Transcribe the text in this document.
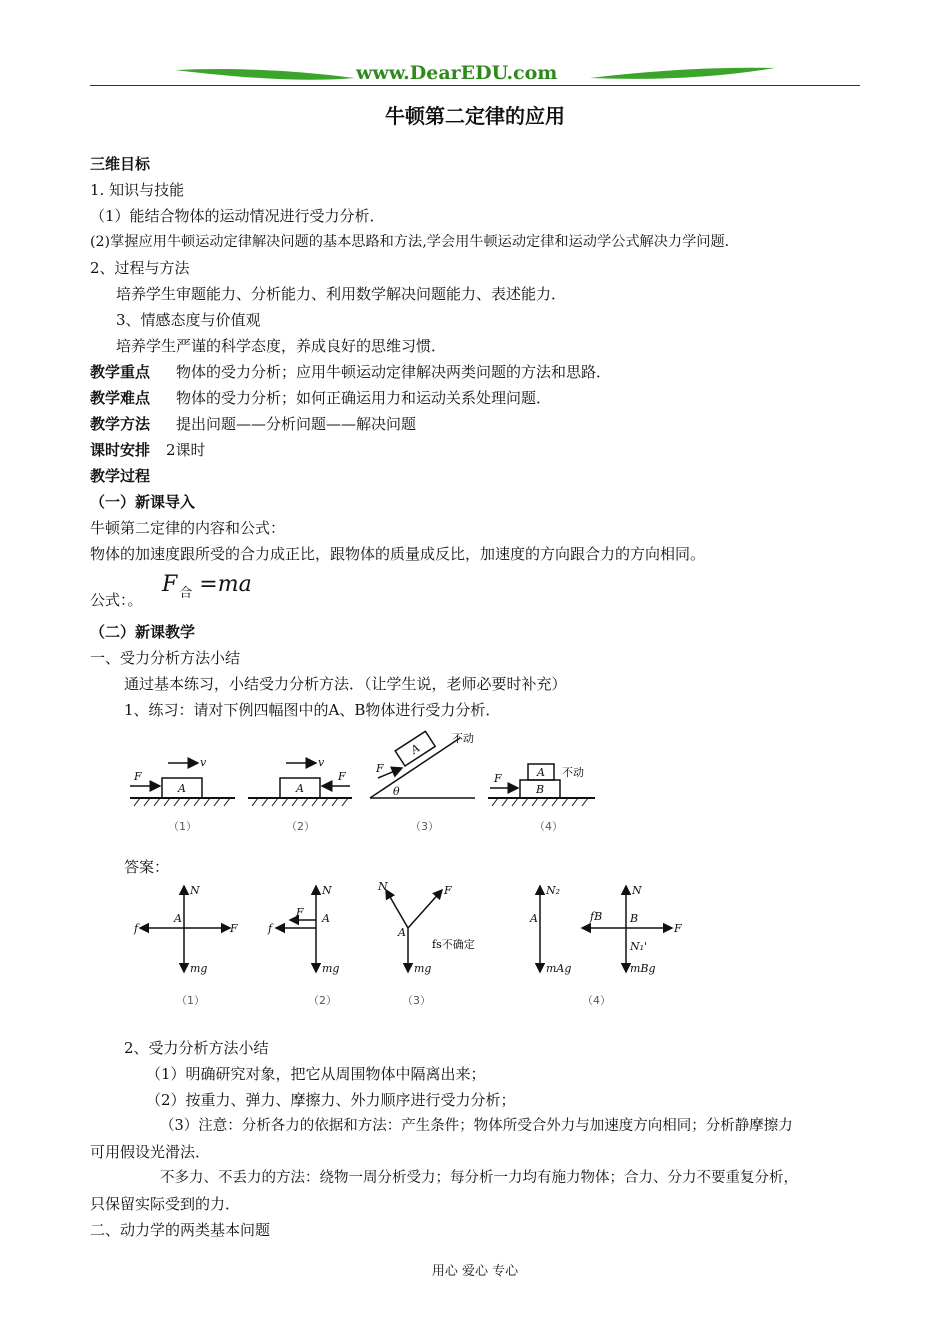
www.DearEDU.com
牛顿第二定律的应用
三维目标
1. 知识与技能
（1）能结合物体的运动情况进行受力分析．
(2)掌握应用牛顿运动定律解决问题的基本思路和方法,学会用牛顿运动定律和运动学公式解决力学问题．
2、过程与方法
培养学生审题能力、分析能力、利用数学解决问题能力、表述能力．
3、情感态度与价值观
培养学生严谨的科学态度，养成良好的思维习惯．
教学重点 物体的受力分析；应用牛顿运动定律解决两类问题的方法和思路．
教学难点 物体的受力分析；如何正确运用力和运动关系处理问题．
教学方法 提出问题——分析问题——解决问题
课时安排 2课时
教学过程
（一）新课导入
牛顿第二定律的内容和公式：
物体的加速度跟所受的合力成正比，跟物体的质量成反比，加速度的方向跟合力的方向相同。
公式：。
F $_合$ =ma
（二）新课教学
一、受力分析方法小结
通过基本练习，小结受力分析方法．（让学生说，老师必要时补充）
1、练习：请对下例四幅图中的A、B物体进行受力分析．
A
F
v
（1）
A
F
v
（2）
A
F
θ
不动
（3）
B
A
F	不动
（4）
答案：
N
f	F
A
mg
（1）
N
f
F A
mg
（2）
N	F
A
mg
fs不确定
（3）
N₂
A
mAg
N
fB
F
B
N₁'
mBg
（4）
2、受力分析方法小结
（1）明确研究对象，把它从周围物体中隔离出来；
（2）按重力、弹力、摩擦力、外力顺序进行受力分析；
（3）注意：分析各力的依据和方法：产生条件；物体所受合外力与加速度方向相同；分析静摩擦力
可用假设光滑法．
不多力、不丢力的方法：绕物一周分析受力；每分析一力均有施力物体；合力、分力不要重复分析，
只保留实际受到的力．
二、动力学的两类基本问题
用心 爱心 专心
